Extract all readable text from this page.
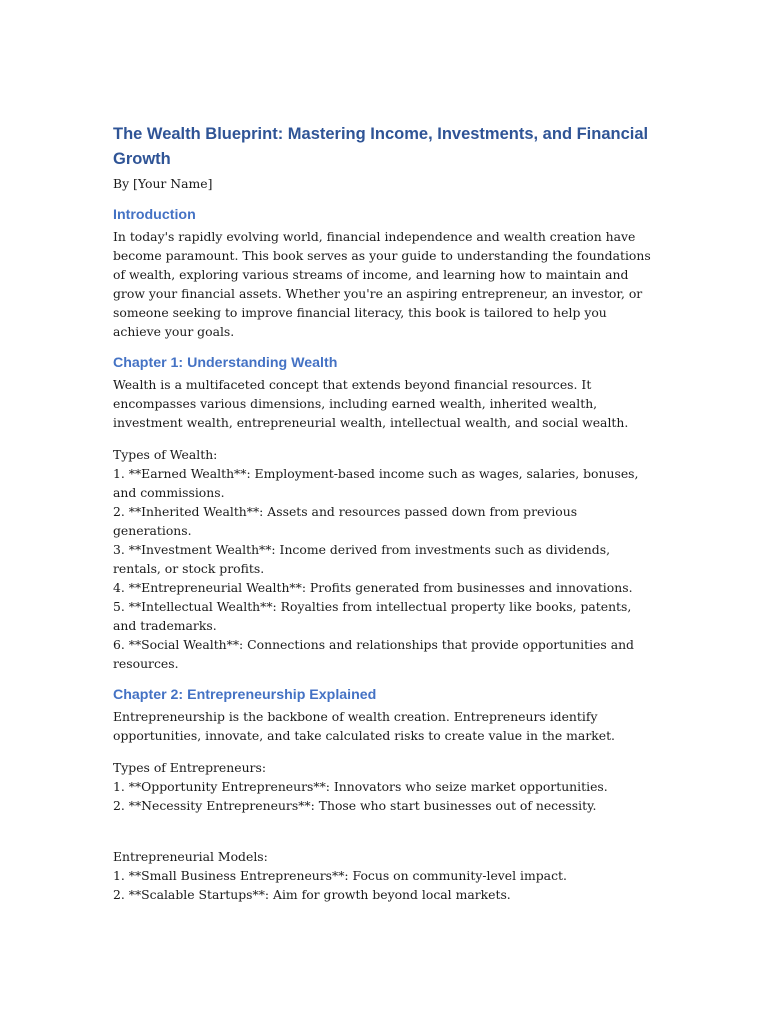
The Wealth Blueprint: Mastering Income, Investments, and Financial Growth

By [Your Name]

Introduction

In today's rapidly evolving world, financial independence and wealth creation have become paramount. This book serves as your guide to understanding the foundations of wealth, exploring various streams of income, and learning how to maintain and grow your financial assets. Whether you're an aspiring entrepreneur, an investor, or someone seeking to improve financial literacy, this book is tailored to help you achieve your goals.

Chapter 1: Understanding Wealth

Wealth is a multifaceted concept that extends beyond financial resources. It encompasses various dimensions, including earned wealth, inherited wealth, investment wealth, entrepreneurial wealth, intellectual wealth, and social wealth.

Types of Wealth:

1. **Earned Wealth**: Employment-based income such as wages, salaries, bonuses, and commissions.
2. **Inherited Wealth**: Assets and resources passed down from previous generations.
3. **Investment Wealth**: Income derived from investments such as dividends, rentals, or stock profits.
4. **Entrepreneurial Wealth**: Profits generated from businesses and innovations.
5. **Intellectual Wealth**: Royalties from intellectual property like books, patents, and trademarks.
6. **Social Wealth**: Connections and relationships that provide opportunities and resources.
Chapter 2: Entrepreneurship Explained

Entrepreneurship is the backbone of wealth creation. Entrepreneurs identify opportunities, innovate, and take calculated risks to create value in the market.

Types of Entrepreneurs:

1. **Opportunity Entrepreneurs**: Innovators who seize market opportunities.
2. **Necessity Entrepreneurs**: Those who start businesses out of necessity.

Entrepreneurial Models:

1. **Small Business Entrepreneurs**: Focus on community-level impact.
2. **Scalable Startups**: Aim for growth beyond local markets.
